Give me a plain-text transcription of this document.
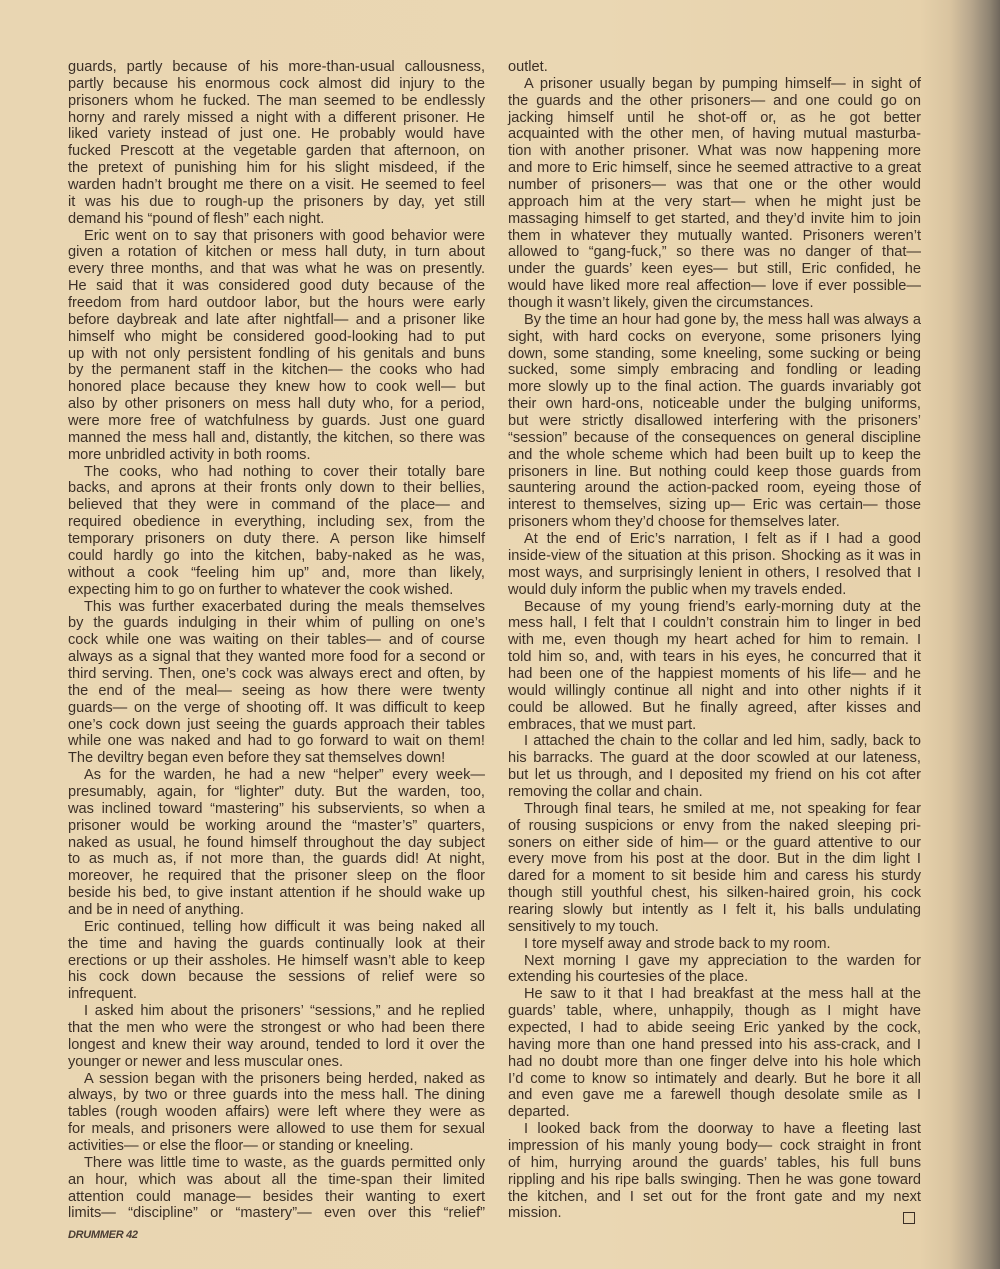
guards, partly because of his more-than-usual callousness,
partly because his enormous cock almost did injury to the
prisoners whom he fucked. The man seemed to be endlessly
horny and rarely missed a night with a different prisoner. He
liked variety instead of just one. He probably would have
fucked Prescott at the vegetable garden that afternoon, on
the pretext of punishing him for his slight misdeed, if the
warden hadn’t brought me there on a visit. He seemed to feel
it was his due to rough-up the prisoners by day, yet still
demand his “pound of flesh” each night.
Eric went on to say that prisoners with good behavior were
given a rotation of kitchen or mess hall duty, in turn about
every three months, and that was what he was on presently.
He said that it was considered good duty because of the
freedom from hard outdoor labor, but the hours were early
before daybreak and late after nightfall— and a prisoner like
himself who might be considered good-looking had to put
up with not only persistent fondling of his genitals and buns
by the permanent staff in the kitchen— the cooks who had
honored place because they knew how to cook well— but
also by other prisoners on mess hall duty who, for a period,
were more free of watchfulness by guards. Just one guard
manned the mess hall and, distantly, the kitchen, so there was
more unbridled activity in both rooms.
The cooks, who had nothing to cover their totally bare
backs, and aprons at their fronts only down to their bellies,
believed that they were in command of the place— and
required obedience in everything, including sex, from the
temporary prisoners on duty there. A person like himself
could hardly go into the kitchen, baby-naked as he was,
without a cook “feeling him up” and, more than likely,
expecting him to go on further to whatever the cook wished.
This was further exacerbated during the meals themselves
by the guards indulging in their whim of pulling on one’s
cock while one was waiting on their tables— and of course
always as a signal that they wanted more food for a second or
third serving. Then, one’s cock was always erect and often, by
the end of the meal— seeing as how there were twenty
guards— on the verge of shooting off. It was difficult to keep
one’s cock down just seeing the guards approach their tables
while one was naked and had to go forward to wait on them!
The deviltry began even before they sat themselves down!
As for the warden, he had a new “helper” every week—
presumably, again, for “lighter” duty. But the warden, too,
was inclined toward “mastering” his subservients, so when a
prisoner would be working around the “master’s” quarters,
naked as usual, he found himself throughout the day subject
to as much as, if not more than, the guards did! At night,
moreover, he required that the prisoner sleep on the floor
beside his bed, to give instant attention if he should wake up
and be in need of anything.
Eric continued, telling how difficult it was being naked all
the time and having the guards continually look at their
erections or up their assholes. He himself wasn’t able to keep
his cock down because the sessions of relief were so
infrequent.
I asked him about the prisoners’ “sessions,” and he replied
that the men who were the strongest or who had been there
longest and knew their way around, tended to lord it over the
younger or newer and less muscular ones.
A session began with the prisoners being herded, naked as
always, by two or three guards into the mess hall. The dining
tables (rough wooden affairs) were left where they were as
for meals, and prisoners were allowed to use them for sexual
activities— or else the floor— or standing or kneeling.
There was little time to waste, as the guards permitted only
an hour, which was about all the time-span their limited
attention could manage— besides their wanting to exert
limits— “discipline” or “mastery”— even over this “relief”
outlet.
A prisoner usually began by pumping himself— in sight of
the guards and the other prisoners— and one could go on
jacking himself until he shot-off or, as he got better
acquainted with the other men, of having mutual masturba-
tion with another prisoner. What was now happening more
and more to Eric himself, since he seemed attractive to a great
number of prisoners— was that one or the other would
approach him at the very start— when he might just be
massaging himself to get started, and they’d invite him to join
them in whatever they mutually wanted. Prisoners weren’t
allowed to “gang-fuck,” so there was no danger of that—
under the guards’ keen eyes— but still, Eric confided, he
would have liked more real affection— love if ever possible—
though it wasn’t likely, given the circumstances.
By the time an hour had gone by, the mess hall was always a
sight, with hard cocks on everyone, some prisoners lying
down, some standing, some kneeling, some sucking or being
sucked, some simply embracing and fondling or leading
more slowly up to the final action. The guards invariably got
their own hard-ons, noticeable under the bulging uniforms,
but were strictly disallowed interfering with the prisoners’
“session” because of the consequences on general discipline
and the whole scheme which had been built up to keep the
prisoners in line. But nothing could keep those guards from
sauntering around the action-packed room, eyeing those of
interest to themselves, sizing up— Eric was certain— those
prisoners whom they’d choose for themselves later.
At the end of Eric’s narration, I felt as if I had a good
inside-view of the situation at this prison. Shocking as it was in
most ways, and surprisingly lenient in others, I resolved that I
would duly inform the public when my travels ended.
Because of my young friend’s early-morning duty at the
mess hall, I felt that I couldn’t constrain him to linger in bed
with me, even though my heart ached for him to remain. I
told him so, and, with tears in his eyes, he concurred that it
had been one of the happiest moments of his life— and he
would willingly continue all night and into other nights if it
could be allowed. But he finally agreed, after kisses and
embraces, that we must part.
I attached the chain to the collar and led him, sadly, back to
his barracks. The guard at the door scowled at our lateness,
but let us through, and I deposited my friend on his cot after
removing the collar and chain.
Through final tears, he smiled at me, not speaking for fear
of rousing suspicions or envy from the naked sleeping pri-
soners on either side of him— or the guard attentive to our
every move from his post at the door. But in the dim light I
dared for a moment to sit beside him and caress his sturdy
though still youthful chest, his silken-haired groin, his cock
rearing slowly but intently as I felt it, his balls undulating
sensitively to my touch.
I tore myself away and strode back to my room.
Next morning I gave my appreciation to the warden for
extending his courtesies of the place.
He saw to it that I had breakfast at the mess hall at the
guards’ table, where, unhappily, though as I might have
expected, I had to abide seeing Eric yanked by the cock,
having more than one hand pressed into his ass-crack, and I
had no doubt more than one finger delve into his hole which
I’d come to know so intimately and dearly. But he bore it all
and even gave me a farewell though desolate smile as I
departed.
I looked back from the doorway to have a fleeting last
impression of his manly young body— cock straight in front
of him, hurrying around the guards’ tables, his full buns
rippling and his ripe balls swinging. Then he was gone toward
the kitchen, and I set out for the front gate and my next
mission.
DRUMMER 42
